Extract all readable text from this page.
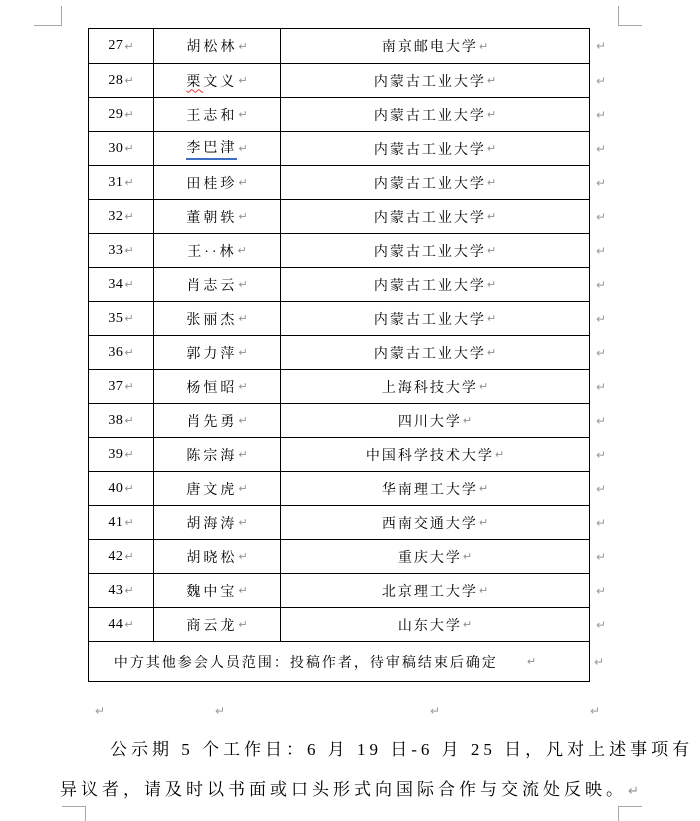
27 ↵	胡松林 ↵	南京邮电大学 ↵	↵
28 ↵	栗文义 ↵	内蒙古工业大学 ↵	↵
29 ↵	王志和 ↵	内蒙古工业大学 ↵	↵
30 ↵	李巴津 ↵	内蒙古工业大学 ↵	↵
31 ↵	田桂珍 ↵	内蒙古工业大学 ↵	↵
32 ↵	董朝轶 ↵	内蒙古工业大学 ↵	↵
33 ↵	王··林 ↵	内蒙古工业大学 ↵	↵
34 ↵	肖志云 ↵	内蒙古工业大学 ↵	↵
35 ↵	张丽杰 ↵	内蒙古工业大学 ↵	↵
36 ↵	郭力萍 ↵	内蒙古工业大学 ↵	↵
37 ↵	杨恒昭 ↵	上海科技大学 ↵	↵
38 ↵	肖先勇 ↵	四川大学 ↵	↵
39 ↵	陈宗海 ↵	中国科学技术大学 ↵	↵
40 ↵	唐文虎 ↵	华南理工大学 ↵	↵
41 ↵	胡海涛 ↵	西南交通大学 ↵	↵
42 ↵	胡晓松 ↵	重庆大学 ↵	↵
43 ↵	魏中宝 ↵	北京理工大学 ↵	↵
44 ↵	商云龙 ↵	山东大学 ↵	↵
中方其他参会人员范围：投稿作者，待审稿结束后确定	↵	↵
↵	↵	↵	↵
公示期 5 个工作日：6 月 19 日-6 月 25 日，凡对上述事项有
异议者，请及时以书面或口头形式向国际合作与交流处反映。↵
